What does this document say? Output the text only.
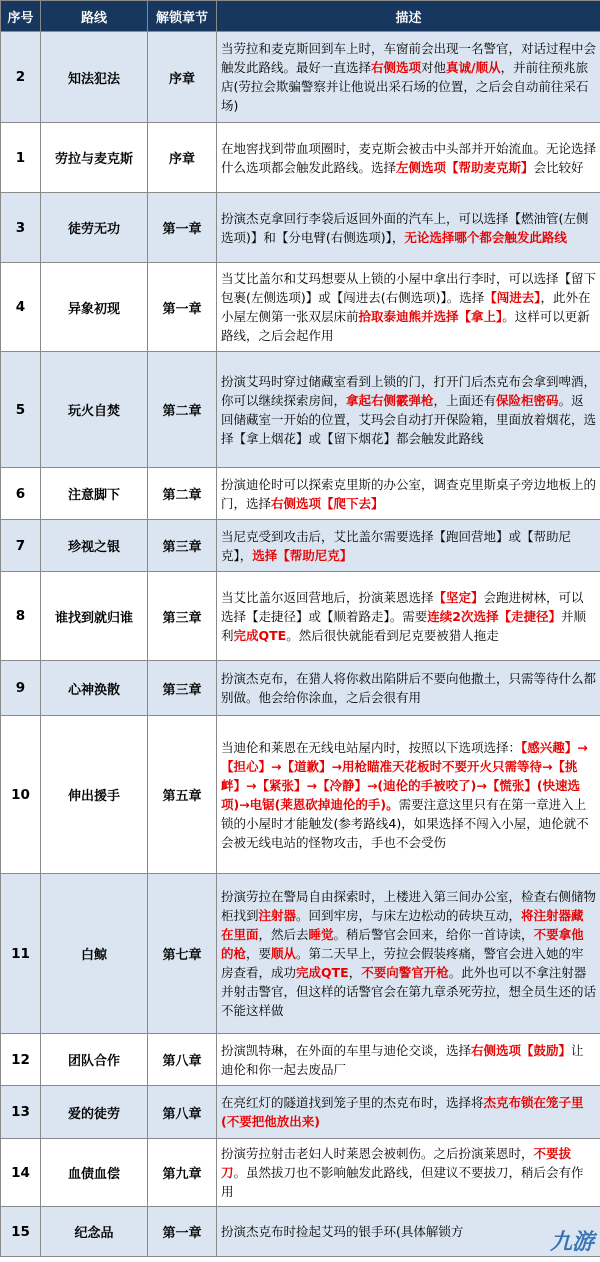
序号	路线	解锁章节	描述
2	知法犯法	序章	当劳拉和麦克斯回到车上时，车窗前会出现一名警官，对话过程中会触发此路线。最好一直选择右侧选项对他真诚/顺从，并前往预兆旅店(劳拉会欺骗警察并让他说出采石场的位置，之后会自动前往采石场)
1	劳拉与麦克斯	序章	在地窖找到带血项圈时，麦克斯会被击中头部并开始流血。无论选择什么选项都会触发此路线。选择左侧选项【帮助麦克斯】会比较好
3	徒劳无功	第一章	扮演杰克拿回行李袋后返回外面的汽车上，可以选择【燃油管(左侧选项)】和【分电臂(右侧选项)】，无论选择哪个都会触发此路线
4	异象初现	第一章	当艾比盖尔和艾玛想要从上锁的小屋中拿出行李时，可以选择【留下包裹(左侧选项)】或【闯进去(右侧选项)】。选择【闯进去】，此外在小屋左侧第一张双层床前拾取泰迪熊并选择【拿上】。这样可以更新路线，之后会起作用
5	玩火自焚	第二章	扮演艾玛时穿过储藏室看到上锁的门，打开门后杰克布会拿到啤酒，你可以继续探索房间，拿起右侧霰弹枪，上面还有保险柜密码。返回储藏室一开始的位置，艾玛会自动打开保险箱，里面放着烟花，选择【拿上烟花】或【留下烟花】都会触发此路线
6	注意脚下	第二章	扮演迪伦时可以探索克里斯的办公室，调查克里斯桌子旁边地板上的门，选择右侧选项【爬下去】
7	珍视之银	第三章	当尼克受到攻击后，艾比盖尔需要选择【跑回营地】或【帮助尼克】，选择【帮助尼克】
8	谁找到就归谁	第三章	当艾比盖尔返回营地后，扮演莱恩选择【坚定】会跑进树林，可以选择【走捷径】或【顺着路走】。需要连续2次选择【走捷径】并顺利完成QTE。然后很快就能看到尼克要被猎人拖走
9	心神涣散	第三章	扮演杰克布，在猎人将你救出陷阱后不要向他撒土，只需等待什么都别做。他会给你涂血，之后会很有用
10	伸出援手	第五章	当迪伦和莱恩在无线电站屋内时，按照以下选项选择：【感兴趣】→【担心】→【道歉】→用枪瞄准天花板时不要开火只需等待→【挑衅】→【紧张】→【冷静】→(迪伦的手被咬了)→【慌张】(快速选项)→电锯(莱恩砍掉迪伦的手)。需要注意这里只有在第一章进入上锁的小屋时才能触发(参考路线4)，如果选择不闯入小屋，迪伦就不会被无线电站的怪物攻击，手也不会受伤
11	白鲸	第七章	扮演劳拉在警局自由探索时，上楼进入第三间办公室，检查右侧储物柜找到注射器。回到牢房，与床左边松动的砖块互动，将注射器藏在里面，然后去睡觉。稍后警官会回来，给你一首诗读，不要拿他的枪，要顺从。第二天早上，劳拉会假装疼痛，警官会进入她的牢房查看，成功完成QTE，不要向警官开枪。此外也可以不拿注射器并射击警官，但这样的话警官会在第九章杀死劳拉，想全员生还的话不能这样做
12	团队合作	第八章	扮演凯特琳，在外面的车里与迪伦交谈，选择右侧选项【鼓励】让迪伦和你一起去废品厂
13	爱的徒劳	第八章	在亮红灯的隧道找到笼子里的杰克布时，选择将杰克布锁在笼子里(不要把他放出来)
14	血债血偿	第九章	扮演劳拉射击老妇人时莱恩会被刺伤。之后扮演莱恩时，不要拔刀。虽然拔刀也不影响触发此路线，但建议不要拔刀，稍后会有作用
15	纪念品	第一章	扮演杰克布时捡起艾玛的银手环(具体解锁方	九游
